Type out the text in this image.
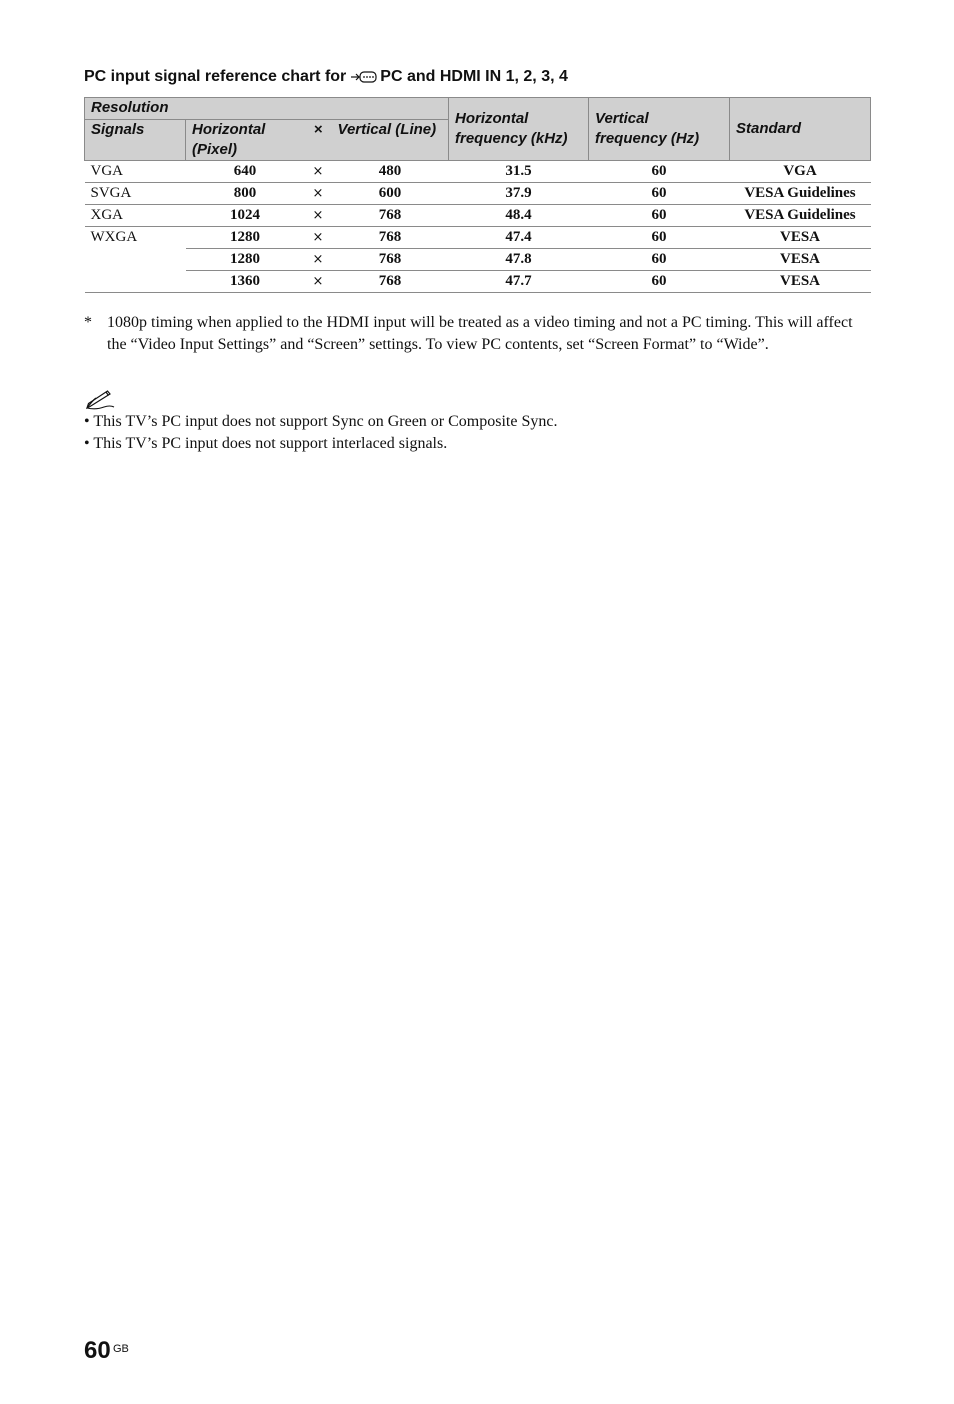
PC input signal reference chart for PC and HDMI IN 1, 2, 3, 4
Resolution				Horizontal frequency (kHz)	Vertical frequency (Hz)	Standard
Signals	Horizontal (Pixel)	×	Vertical (Line)			
VGA	640	×	480	31.5	60	VGA
SVGA	800	×	600	37.9	60	VESA Guidelines
XGA	1024	×	768	48.4	60	VESA Guidelines
WXGA	1280	×	768	47.4	60	VESA
	1280	×	768	47.8	60	VESA
	1360	×	768	47.7	60	VESA
* 1080p timing when applied to the HDMI input will be treated as a video timing and not a PC timing. This will affect the “Video Input Settings” and “Screen” settings. To view PC contents, set “Screen Format” to “Wide”.
• This TV’s PC input does not support Sync on Green or Composite Sync.
• This TV’s PC input does not support interlaced signals.
60 GB
